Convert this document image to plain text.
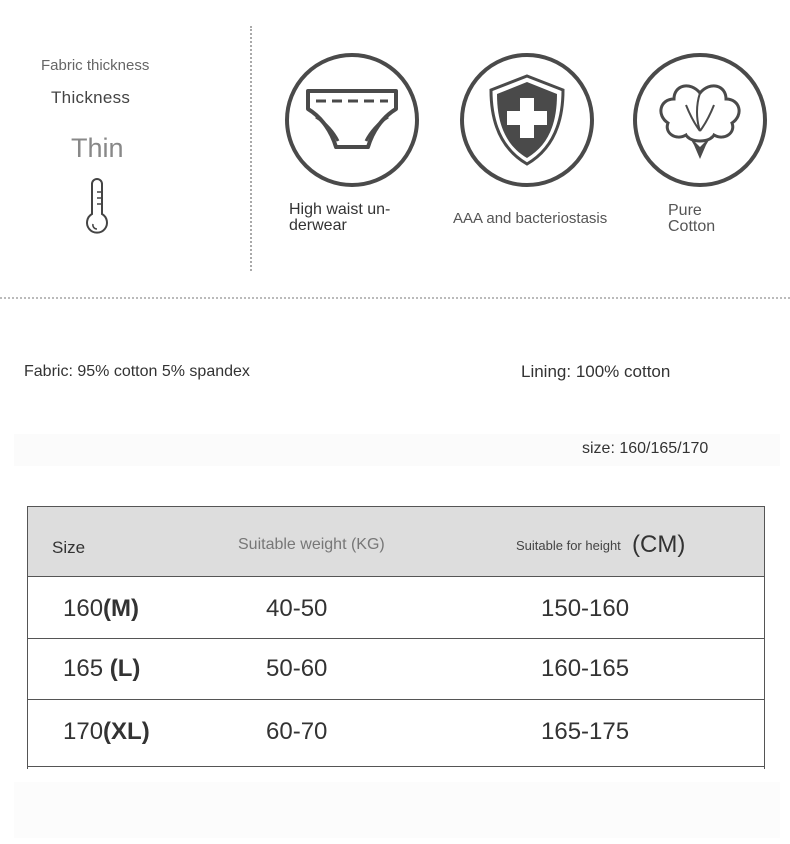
Fabric thickness
Thickness
Thin
High waist un-
derwear	AAA and bacteriostasis	Pure
Cotton
Fabric: 95% cotton 5% spandex	Lining: 100% cotton
size: 160/165/170
Size	Suitable weight (KG)	Suitable for height (CM)
160(M)	40-50	150-160
165 (L)	50-60	160-165
170(XL)	60-70	165-175
